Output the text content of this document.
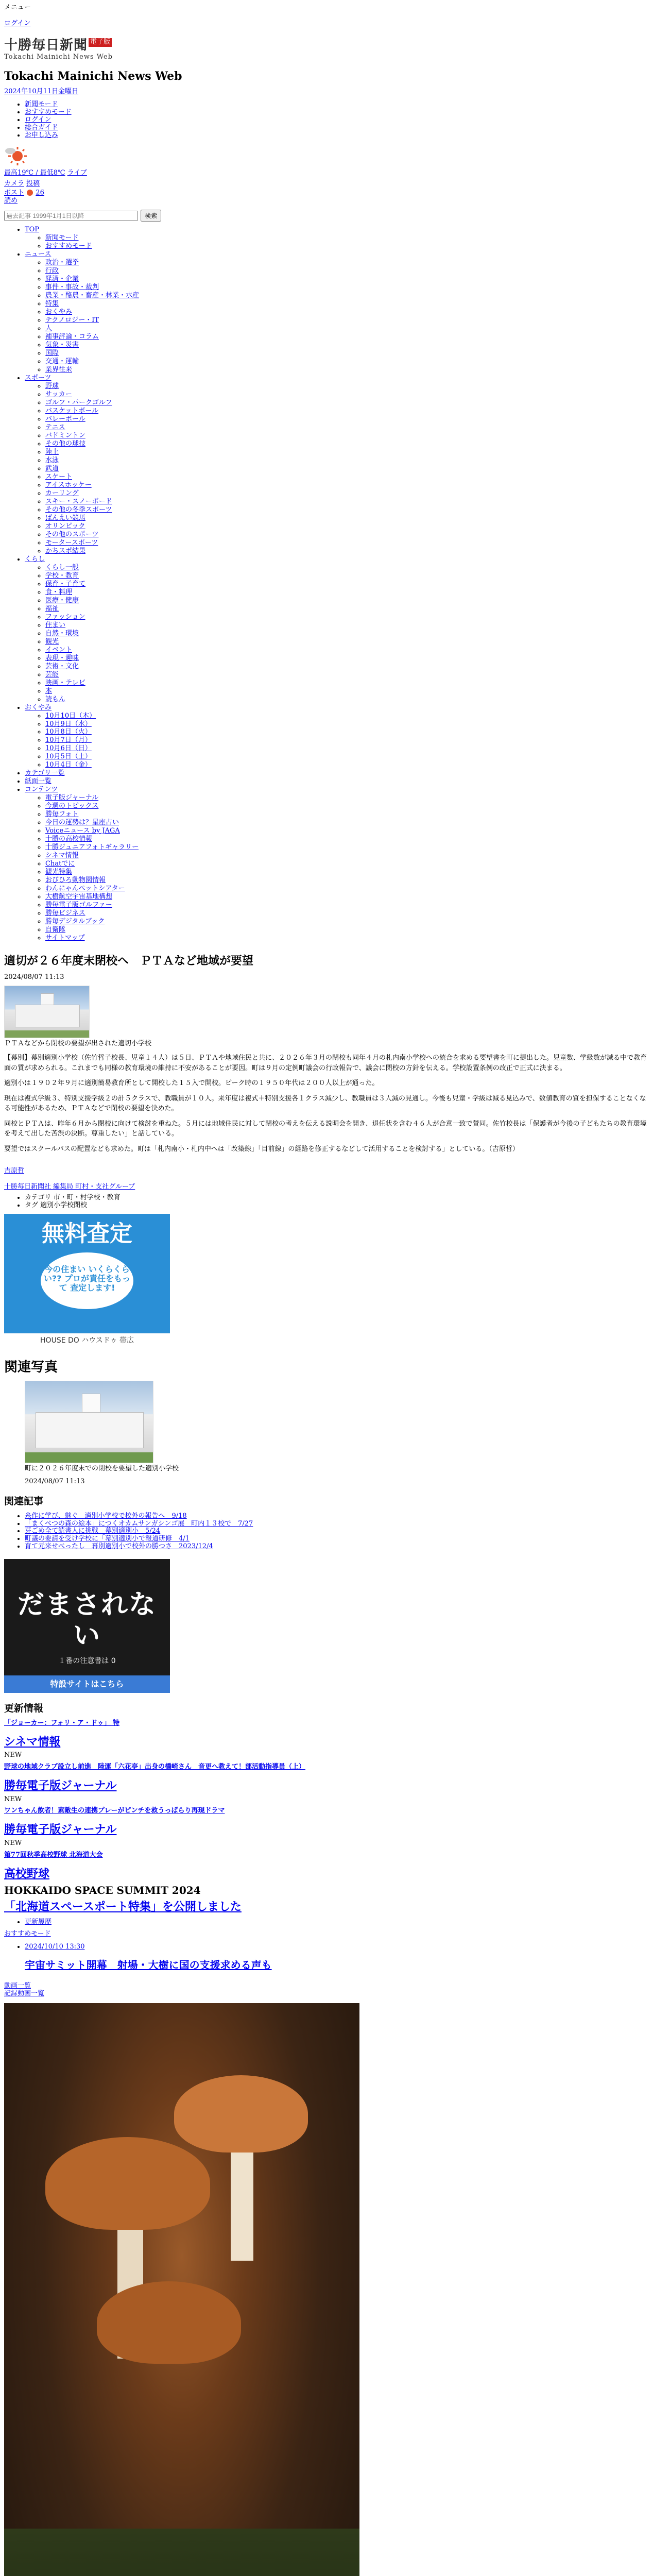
メニュー
ログイン
十勝毎日新聞 電子版
Tokachi Mainichi News Web
Tokachi Mainichi News Web
2024年10月11日金曜日
• 新聞モード
• おすすめモード
• ログイン
• 総合ガイド
• お申し込み
最高19℃ / 最低8℃ ライブ
カメラ 投稿
ポスト 26
読め
過去記事 1999年1月1日以降 検索
• TOP
◦ 新聞モード
◦ おすすめモード
• ニュース
◦ 政治・選挙
◦ 行政
◦ 経済・企業
◦ 事件・事故・裁判
◦ 農業・酪農・畜産・林業・水産
◦ 特集
◦ おくやみ
◦ テクノロジー・IT
◦ 人
◦ 補事評論・コラム
◦ 気象・災害
◦ 国際
◦ 交通・運輸
◦ 業界往来
• スポーツ
◦ 野球
◦ サッカー
◦ ゴルフ・パークゴルフ
◦ バスケットボール
◦ バレーボール
◦ テニス
◦ バドミントン
◦ その他の球技
◦ 陸上
◦ 水泳
◦ 武道
◦ スケート
◦ アイスホッケー
◦ カーリング
◦ スキー・スノーボード
◦ その他の冬季スポーツ
◦ ばんえい競馬
◦ オリンピック
◦ その他のスポーツ
◦ モータースポーツ
◦ かちスポ結果
• くらし
◦ くらし一般
◦ 学校・教育
◦ 保育・子育て
◦ 食・料理
◦ 医療・健康
◦ 福祉
◦ ファッション
◦ 住まい
◦ 自然・環境
◦ 観光
◦ イベント
◦ 表現・趣味
◦ 芸術・文化
◦ 芸能
◦ 映画・テレビ
◦ 本
◦ 読もん
• おくやみ
◦ 10月10日（木）
◦ 10月9日（水）
◦ 10月8日（火）
◦ 10月7日（月）
◦ 10月6日（日）
◦ 10月5日（土）
◦ 10月4日（金）
• カテゴリ一覧
• 紙面一覧
• コンテンツ
◦ 電子版ジャーナル
◦ 今週のトピックス
◦ 勝毎フォト
◦ 今日の運勢は？星座占い
◦ Voiceニュース by JAGA
◦ 十勝の高校情報
◦ 十勝ジュニアフォトギャラリー
◦ シネマ情報
◦ Chatでに
◦ 観光特集
◦ おびひろ動物園情報
◦ わんにゃんペットシアター
◦ 大樹航空宇宙基地構想
◦ 勝毎電子版ゴルファー
◦ 勝毎ビジネス
◦ 勝毎デジタルブック
◦ 自衛隊
◦ サイトマップ
適切が２６年度末閉校へ　ＰＴＡなど地域が要望
2024/08/07 11:13
ＰＴＡなどから閉校の要望が出された適切小学校

【幕別】幕別適別小学校（佐竹哲子校長、児童１４人）は５日、ＰＴＡや地域住民と共に、２０２６年３月の閉校も同年４月の札内南小学校への統合を求める要望書を町に提出した。児童数、学級数が減る中で教育面の質が求められる。これまでも同様の教育環境の維持に不安があることが要因。町は９月の定例町議会の行政報告で、議会に閉校の方針を伝える。学校設置条例の改正で正式に決まる。

適別小は１９０２年９月に適別簡易教育所として開校した１５入で開校。ピーク時の１９５０年代は２００人以上が通った。

現在は複式学級３、特別支援学級２の計５クラスで、教職員が１０人。来年度は複式＋特別支援各１クラス減少し、教職員は３人減の見通し。今後も児童・学級は減る見込みで、数値教育の質を担保することなくなる可能性があるため、ＰＴＡなどで閉校の要望を決めた。

同校とＰＴＡは、昨年６月から閉校に向けて検討を重ねた。５月には地域住民に対して閉校の考えを伝える説明会を開き、退任状を含む４６人が合意一致で賛同。佐竹校長は「保護者が今後の子どもたちの教育環境を考えて出した苦渋の決断。尊重したい」と話している。

要望ではスクールバスの配置なども求めた。町は「札内南小・札内中へは「改築線」「目前線」の経路を修正するなどして活用することを検討する」としている。（吉原哲）

吉原哲
十勝毎日新聞社 編集局 町村・支社グループ
• カテゴリ 市・町・村学校・教育
• タグ 適別小学校閉校
無料査定
今の住まい いくらくらい?? プロが責任をもって 査定します!
HOUSE DO ハウスドゥ 帯広
関連写真
町に２０２６年度末での閉校を要望した適別小学校
2024/08/07 11:13
関連記事
• 糸作に学び、継ぐ　適別小学校で校外の報告へ　9/18
• 「まくべつの森の絵本」につくオカムサンガシンゴ展　町内１３校で　7/27
• 芽ごめ全て読書人に挑戦　幕別適別小　5/24
• 町議の要請を受け学校に「幕別適別小で報道研修　4/1
• 育て元来せべったし　幕別適別小で校外の勝つさ　2023/12/4
だまされない
１番の注意書は 0
特設サイトはこちら
更新情報
「ジョーカー：フォリ・ア・ドゥ」 特
シネマ情報
NEW
野球の地域クラブ設立し前進　陸運「六花亭」出身の橋崎さん　音更へ教えて！部活動指導員（上）
勝毎電子版ジャーナル
NEW
ワンちゃん飲者！素敵生の連携プレーがピンチを救うっぱらり再現ドラマ
勝毎電子版ジャーナル
NEW
第77回秋季高校野球 北海道大会
高校野球
HOKKAIDO SPACE SUMMIT 2024
「北海道スペースポート特集」を公開しました
• 更新履歴
おすすめモード
• 2024/10/10 13:30
宇宙サミット開幕　射場・大樹に国の支援求める声も
動画一覧
記録動画一覧
